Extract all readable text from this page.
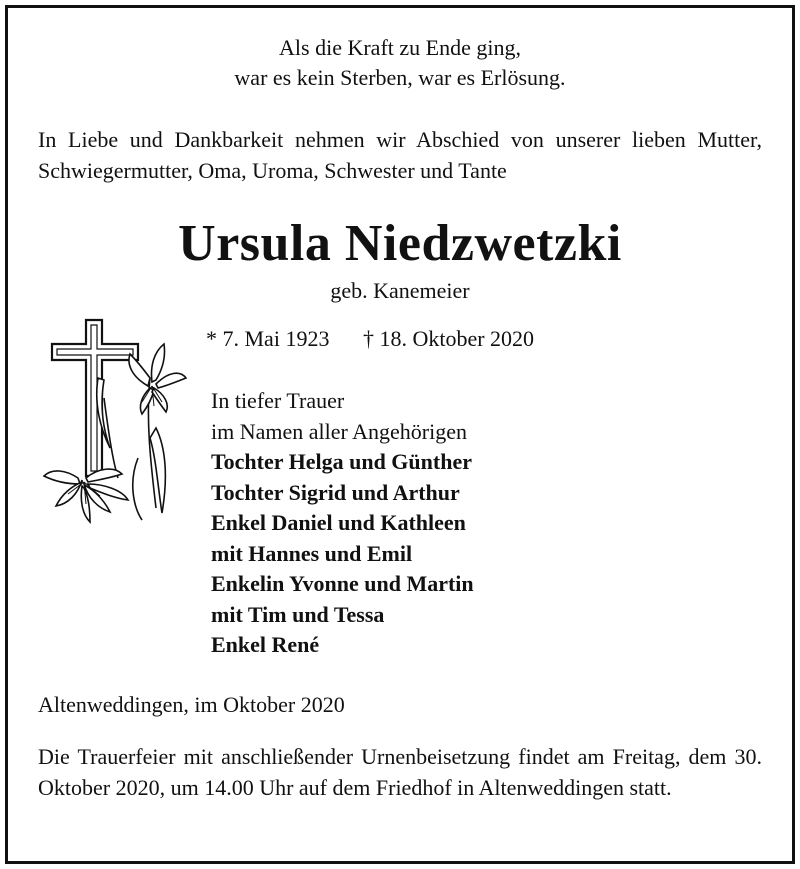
Als die Kraft zu Ende ging,
war es kein Sterben, war es Erlösung.
In Liebe und Dankbarkeit nehmen wir Abschied von unserer lieben Mutter, Schwiegermutter, Oma, Uroma, Schwester und Tante
Ursula Niedzwetzki
geb. Kanemeier
* 7. Mai 1923 † 18. Oktober 2020
In tiefer Trauer
im Namen aller Angehörigen
Tochter Helga und Günther
Tochter Sigrid und Arthur
Enkel Daniel und Kathleen
mit Hannes und Emil
Enkelin Yvonne und Martin
mit Tim und Tessa
Enkel René
Altenweddingen, im Oktober 2020
Die Trauerfeier mit anschließender Urnenbeisetzung findet am Freitag, dem 30. Oktober 2020, um 14.00 Uhr auf dem Friedhof in Altenweddingen statt.
